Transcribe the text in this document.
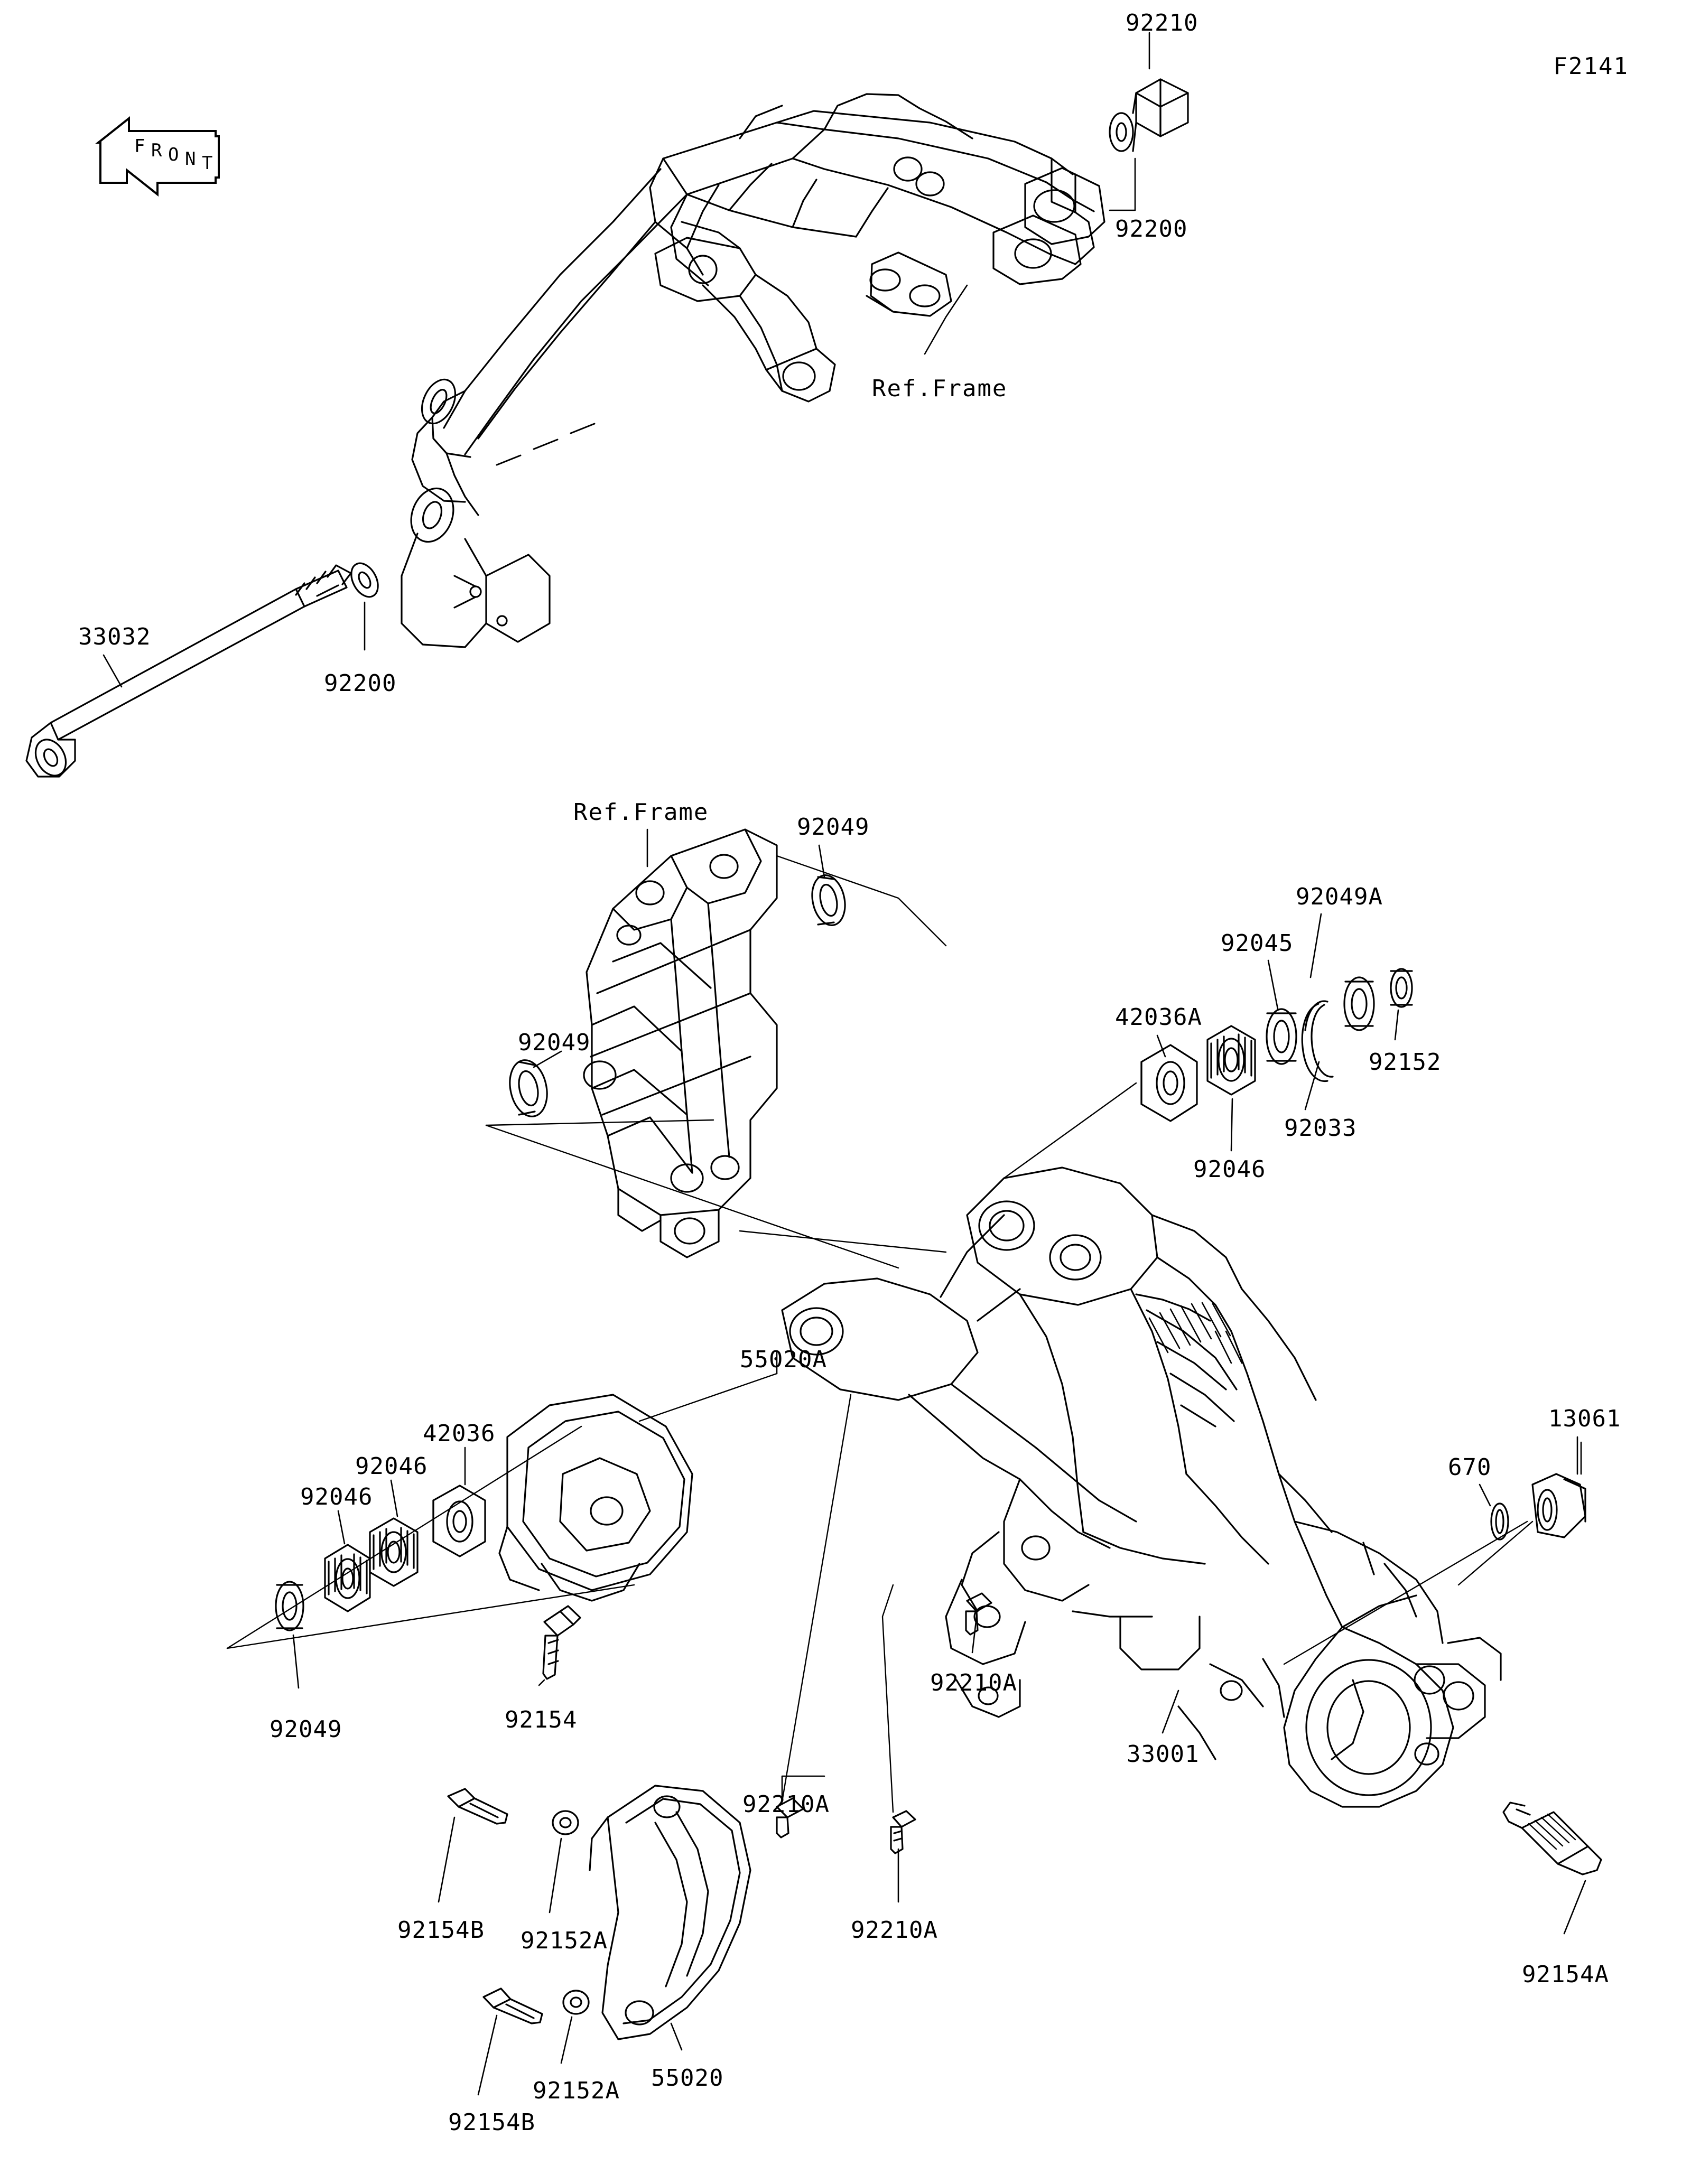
F2141
F R O N T
92210
92200
Ref.Frame
92200
33032
Ref.Frame
92049
92049
92049A
92045
92152
42036A
92033
92046
55020A
42036
92046
92046
13061
670
92154
92049
92210A
33001
92210A
92154B 92152A	92210A
92154A
92152A 55020
92154B
